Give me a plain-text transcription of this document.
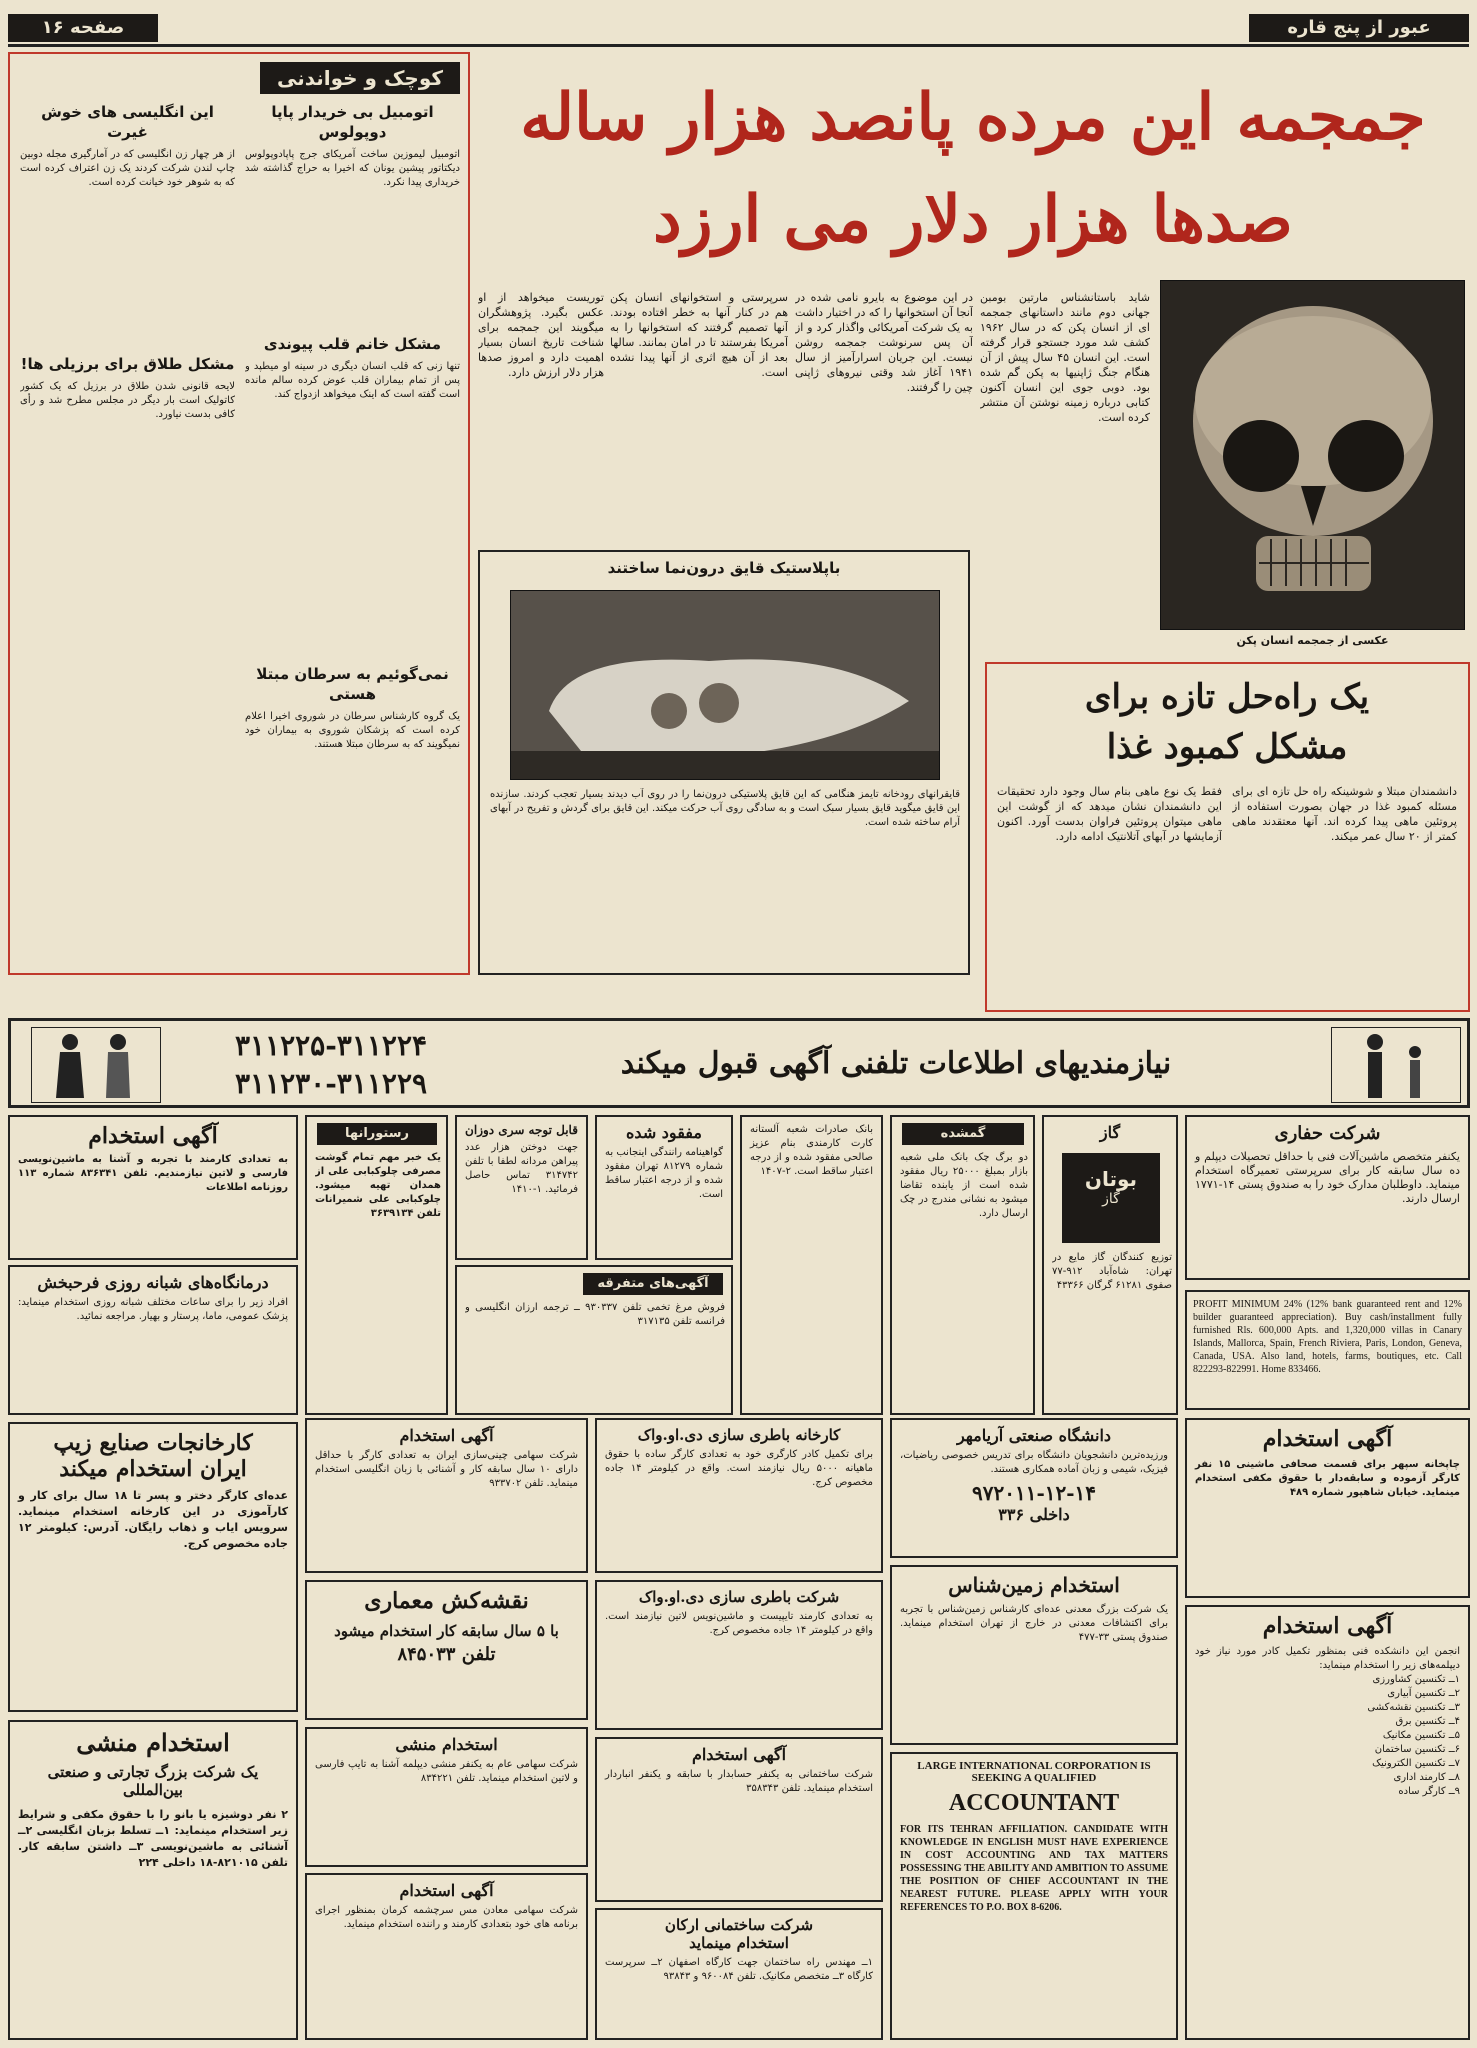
عبور از پنج قاره
صفحه ۱۶
جمجمه این مرده پانصد هزار ساله
صدها هزار دلار می ارزد
عکسی از جمجمه انسان پکن
شاید باستانشناس مارتین بومبن جهانی دوم مانند داستانهای جمجمه ای از انسان پکن که در سال ۱۹۶۲ کشف شد مورد جستجو قرار گرفته است. این انسان ۴۵ سال پیش از آن هنگام جنگ ژاپنیها به پکن گم شده بود. دوبی جوی این انسان آکنون کتابی درباره زمینه نوشتن آن منتشر کرده است.
در این موضوع به بایرو نامی شده در آنجا آن استخوانها را که در اختیار داشت به یک شرکت آمریکائی واگذار کرد و از آن پس سرنوشت جمجمه روشن نیست. این جریان اسرارآمیز از سال ۱۹۴۱ آغاز شد وقتی نیروهای ژاپنی چین را گرفتند.
سرپرستی و استخوانهای انسان پکن هم در کنار آنها به خطر افتاده بودند. آنها تصمیم گرفتند که استخوانها را به آمریکا بفرستند تا در امان بمانند. سالها بعد از آن هیچ اثری از آنها پیدا نشده است.
توریست میخواهد از او عکس بگیرد. پژوهشگران میگویند این جمجمه برای شناخت تاریخ انسان بسیار اهمیت دارد و امروز صدها هزار دلار ارزش دارد.
باپلاستیک قایق درون‌نما ساختند
قایقرانهای رودخانه تایمز هنگامی که این قایق پلاستیکی درون‌نما را در روی آب دیدند بسیار تعجب کردند. سازنده این قایق میگوید قایق بسیار سبک است و به سادگی روی آب حرکت میکند. این قایق برای گردش و تفریح در آبهای آرام ساخته شده است.
یک راه‌حل تازه برای
مشکل کمبود غذا
دانشمندان مبتلا و شوشینکه راه حل تازه ای برای مسئله کمبود غذا در جهان بصورت استفاده از پروتئین ماهی پیدا کرده اند. آنها معتقدند ماهی کمتر از ۲۰ سال عمر میکند.
فقط یک نوع ماهی بنام سال وجود دارد تحقیقات این دانشمندان نشان میدهد که از گوشت این ماهی میتوان پروتئین فراوان بدست آورد. اکنون آزمایشها در آبهای آتلانتیک ادامه دارد.
کوچک و خواندنی
اتومبیل بی خریدار پاپا دوپولوس
اتومبیل لیموزین ساخت آمریکای جرج پاپادوپولوس دیکتاتور پیشین یونان که اخیرا به حراج گذاشته شد خریداری پیدا نکرد.
این انگلیسی های خوش غیرت
از هر چهار زن انگلیسی که در آمارگیری مجله دوبین چاپ لندن شرکت کردند یک زن اعتراف کرده است که به شوهر خود خیانت کرده است.
مشکل خانم قلب پیوندی
تنها زنی که قلب انسان دیگری در سینه او میطپد و پس از تمام بیماران قلب عوض کرده سالم مانده است گفته است که اینک میخواهد ازدواج کند.
مشکل طلاق برای برزیلی ها!
لایحه قانونی شدن طلاق در برزیل که یک کشور کاتولیک است بار دیگر در مجلس مطرح شد و رأی کافی بدست نیاورد.
نمی‌گوئیم به سرطان مبتلا هستی
یک گروه کارشناس سرطان در شوروی اخیرا اعلام کرده است که پزشکان شوروی به بیماران خود نمیگویند که به سرطان مبتلا هستند.
نیازمندیهای اطلاعات تلفنی آگهی قبول میکند
۳۱۱۲۲۵-۳۱۱۲۲۴
۳۱۱۲۳۰-۳۱۱۲۲۹
شرکت حفاری
یکنفر متخصص ماشین‌آلات فنی با حداقل تحصیلات دیپلم و ده سال سابقه کار برای سرپرستی تعمیرگاه استخدام مینماید. داوطلبان مدارک خود را به صندوق پستی ۱۴-۱۷۷۱ ارسال دارند.
PROFIT MINIMUM 24% (12% bank guaranteed rent and 12% builder guaranteed appreciation). Buy cash/installment fully furnished Rls. 600,000 Apts. and 1,320,000 villas in Canary Islands, Mallorca, Spain, French Riviera, Paris, London, Geneva, Canada, USA. Also land, hotels, farms, boutiques, etc. Call 822293-822991. Home 833466.
گاز
بوتان
گاز
توزیع کنندگان گاز مایع در تهران: شاه‌آباد ۹۱۲-۷۷ صفوی ۶۱۲۸۱ گرگان ۴۳۳۶۶
گمشده
دو برگ چک بانک ملی شعبه بازار بمبلغ ۲۵۰۰۰ ریال مفقود شده است از یابنده تقاضا میشود به نشانی مندرج در چک ارسال دارد.
بانک صادرات شعبه آلستانه کارت کارمندی بنام عزیز صالحی مفقود شده و از درجه اعتبار ساقط است. ۲-۱۴۰۷
مفقود شده
گواهینامه رانندگی اینجانب به شماره ۸۱۲۷۹ تهران مفقود شده و از درجه اعتبار ساقط است.
آگهی‌های متفرقه
فروش مرغ تخمی تلفن ۹۳۰۳۳۷ ــ ترجمه ارزان انگلیسی و فرانسه تلفن ۳۱۷۱۳۵
قابل توجه سری دوزان
جهت دوختن هزار عدد پیراهن مردانه لطفا با تلفن ۳۱۴۷۴۲ تماس حاصل فرمائید. ۱-۱۴۱۰
رستورانها
یک خبر مهم تمام گوشت مصرفی چلوکبابی علی از همدان تهیه میشود. چلوکبابی علی شمیرانات تلفن ۳۶۳۹۱۳۴
آگهی استخدام
به تعدادی کارمند با تجربه و آشنا به ماشین‌نویسی فارسی و لاتین نیازمندیم. تلفن ۸۳۶۳۴۱ شماره ۱۱۳ روزنامه اطلاعات
درمانگاه‌های شبانه روزی فرحبخش
افراد زیر را برای ساعات مختلف شبانه روزی استخدام مینماید: پزشک عمومی، ماما، پرستار و بهیار. مراجعه نمائید.
آگهی استخدام
چاپخانه سپهر برای قسمت صحافی ماشینی ۱۵ نفر کارگر آزموده و سابقه‌دار با حقوق مکفی استخدام مینماید. خیابان شاهپور شماره ۴۸۹
دانشگاه صنعتی آریامهر
ورزیده‌ترین دانشجویان دانشگاه برای تدریس خصوصی ریاضیات، فیزیک، شیمی و زبان آماده همکاری هستند.
۹۷۲۰۱۱-۱۲-۱۴
داخلی ۳۳۶
کارخانه باطری سازی دی.او.واک
برای تکمیل کادر کارگری خود به تعدادی کارگر ساده با حقوق ماهیانه ۵۰۰۰ ریال نیازمند است. واقع در کیلومتر ۱۴ جاده مخصوص کرج.
آگهی استخدام
شرکت سهامی چینی‌سازی ایران به تعدادی کارگر با حداقل دارای ۱۰ سال سابقه کار و آشنائی با زبان انگلیسی استخدام مینماید. تلفن ۹۳۳۷۰۲
کارخانجات صنایع زیپ
ایران استخدام میکند
عده‌ای کارگر دختر و پسر تا ۱۸ سال برای کار و کارآموزی در این کارخانه استخدام مینماید. سرویس ایاب و ذهاب رایگان. آدرس: کیلومتر ۱۲ جاده مخصوص کرج.
استخدام زمین‌شناس
یک شرکت بزرگ معدنی عده‌ای کارشناس زمین‌شناس با تجربه برای اکتشافات معدنی در خارج از تهران استخدام مینماید. صندوق پستی ۳۳-۴۷۷
شرکت باطری سازی دی.او.واک
به تعدادی کارمند تایپیست و ماشین‌نویس لاتین نیازمند است. واقع در کیلومتر ۱۴ جاده مخصوص کرج.
نقشه‌کش معماری
با ۵ سال سابقه کار استخدام میشود
تلفن ۸۴۵۰۳۳
آگهی استخدام
انجمن این دانشکده فنی بمنظور تکمیل کادر مورد نیاز خود دیپلمه‌های زیر را استخدام مینماید:
۱ــ تکنسین کشاورزی
۲ــ تکنسین آبیاری
۳ــ تکنسین نقشه‌کشی
۴ــ تکنسین برق
۵ــ تکنسین مکانیک
۶ــ تکنسین ساختمان
۷ــ تکنسین الکترونیک
۸ــ کارمند اداری
۹ــ کارگر ساده
LARGE INTERNATIONAL CORPORATION IS SEEKING A QUALIFIED
ACCOUNTANT
FOR ITS TEHRAN AFFILIATION. CANDIDATE WITH KNOWLEDGE IN ENGLISH MUST HAVE EXPERIENCE IN COST ACCOUNTING AND TAX MATTERS POSSESSING THE ABILITY AND AMBITION TO ASSUME THE POSITION OF CHIEF ACCOUNTANT IN THE NEAREST FUTURE. PLEASE APPLY WITH YOUR REFERENCES TO P.O. BOX 8-6206.
آگهی استخدام
شرکت ساختمانی به یکنفر حسابدار با سابقه و یکنفر انباردار استخدام مینماید. تلفن ۳۵۸۳۴۳
استخدام منشی
شرکت سهامی عام به یکنفر منشی دیپلمه آشنا به تایپ فارسی و لاتین استخدام مینماید. تلفن ۸۳۴۲۲۱
استخدام منشی
یک شرکت بزرگ تجارتی و صنعتی بین‌المللی
۲ نفر دوشیزه یا بانو را با حقوق مکفی و شرایط زیر استخدام مینماید: ۱ــ تسلط بزبان انگلیسی ۲ــ آشنائی به ماشین‌نویسی ۳ــ داشتن سابقه کار. تلفن ۸۲۱۰۱۵-۱۸ داخلی ۲۲۴
آگهی استخدام
شرکت سهامی معادن مس سرچشمه کرمان بمنظور اجرای برنامه های خود بتعدادی کارمند و راننده استخدام مینماید.	شرکت ساختمانی ارکان
استخدام مینماید
۱ــ مهندس راه ساختمان جهت کارگاه اصفهان ۲ــ سرپرست کارگاه ۳ــ متخصص مکانیک. تلفن ۹۶۰۰۸۴ و ۹۳۸۴۳
